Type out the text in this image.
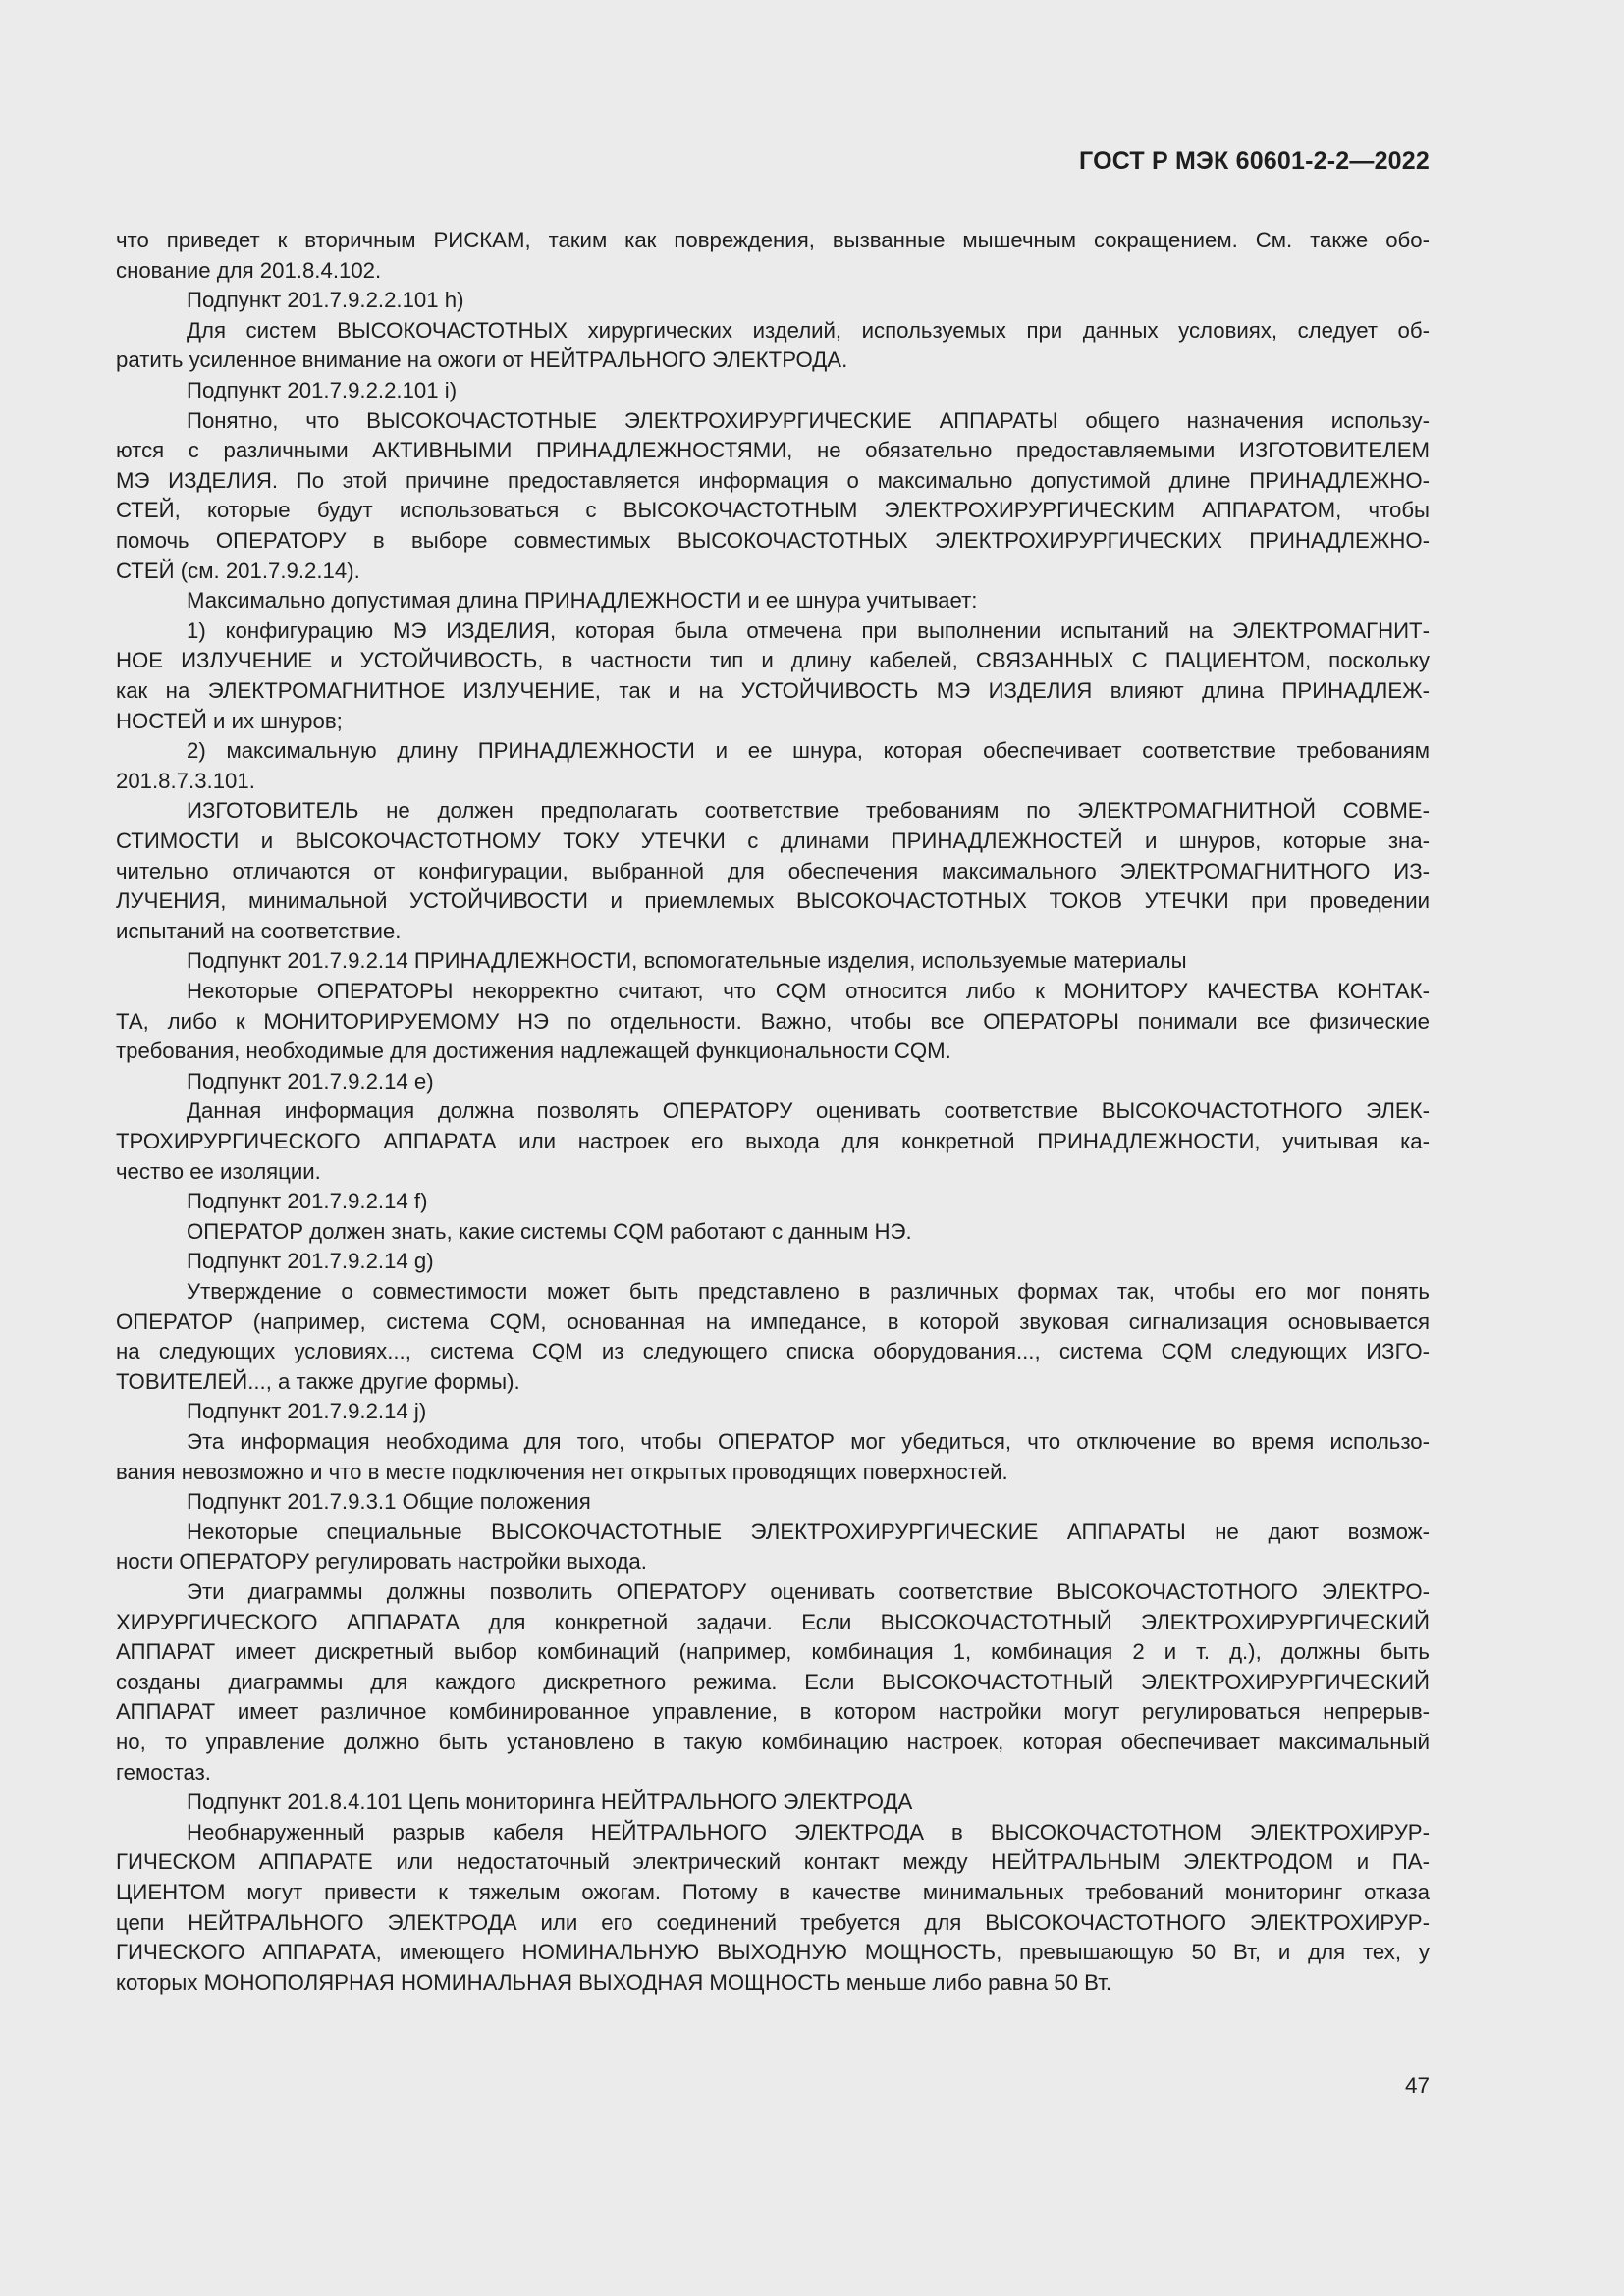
ГОСТ Р МЭК 60601-2-2—2022
что приведет к вторичным РИСКАМ, таким как повреждения, вызванные мышечным сокращением. См. также обо-
снование для 201.8.4.102.
Подпункт 201.7.9.2.2.101 h)
Для систем ВЫСОКОЧАСТОТНЫХ хирургических изделий, используемых при данных условиях, следует об-
ратить усиленное внимание на ожоги от НЕЙТРАЛЬНОГО ЭЛЕКТРОДА.
Подпункт 201.7.9.2.2.101 i)
Понятно, что ВЫСОКОЧАСТОТНЫЕ ЭЛЕКТРОХИРУРГИЧЕСКИЕ АППАРАТЫ общего назначения использу-
ются с различными АКТИВНЫМИ ПРИНАДЛЕЖНОСТЯМИ, не обязательно предоставляемыми ИЗГОТОВИТЕЛЕМ
МЭ ИЗДЕЛИЯ. По этой причине предоставляется информация о максимально допустимой длине ПРИНАДЛЕЖНО-
СТЕЙ, которые будут использоваться с ВЫСОКОЧАСТОТНЫМ ЭЛЕКТРОХИРУРГИЧЕСКИМ АППАРАТОМ, чтобы
помочь ОПЕРАТОРУ в выборе совместимых ВЫСОКОЧАСТОТНЫХ ЭЛЕКТРОХИРУРГИЧЕСКИХ ПРИНАДЛЕЖНО-
СТЕЙ (см. 201.7.9.2.14).
Максимально допустимая длина ПРИНАДЛЕЖНОСТИ и ее шнура учитывает:
1) конфигурацию МЭ ИЗДЕЛИЯ, которая была отмечена при выполнении испытаний на ЭЛЕКТРОМАГНИТ-
НОЕ ИЗЛУЧЕНИЕ и УСТОЙЧИВОСТЬ, в частности тип и длину кабелей, СВЯЗАННЫХ С ПАЦИЕНТОМ, поскольку
как на ЭЛЕКТРОМАГНИТНОЕ ИЗЛУЧЕНИЕ, так и на УСТОЙЧИВОСТЬ МЭ ИЗДЕЛИЯ влияют длина ПРИНАДЛЕЖ-
НОСТЕЙ и их шнуров;
2) максимальную длину ПРИНАДЛЕЖНОСТИ и ее шнура, которая обеспечивает соответствие требованиям
201.8.7.3.101.
ИЗГОТОВИТЕЛЬ не должен предполагать соответствие требованиям по ЭЛЕКТРОМАГНИТНОЙ СОВМЕ-
СТИМОСТИ и ВЫСОКОЧАСТОТНОМУ ТОКУ УТЕЧКИ с длинами ПРИНАДЛЕЖНОСТЕЙ и шнуров, которые зна-
чительно отличаются от конфигурации, выбранной для обеспечения максимального ЭЛЕКТРОМАГНИТНОГО ИЗ-
ЛУЧЕНИЯ, минимальной УСТОЙЧИВОСТИ и приемлемых ВЫСОКОЧАСТОТНЫХ ТОКОВ УТЕЧКИ при проведении
испытаний на соответствие.
Подпункт 201.7.9.2.14 ПРИНАДЛЕЖНОСТИ, вспомогательные изделия, используемые материалы
Некоторые ОПЕРАТОРЫ некорректно считают, что CQM относится либо к МОНИТОРУ КАЧЕСТВА КОНТАК-
ТА, либо к МОНИТОРИРУЕМОМУ НЭ по отдельности. Важно, чтобы все ОПЕРАТОРЫ понимали все физические
требования, необходимые для достижения надлежащей функциональности CQM.
Подпункт 201.7.9.2.14 е)
Данная информация должна позволять ОПЕРАТОРУ оценивать соответствие ВЫСОКОЧАСТОТНОГО ЭЛЕК-
ТРОХИРУРГИЧЕСКОГО АППАРАТА или настроек его выхода для конкретной ПРИНАДЛЕЖНОСТИ, учитывая ка-
чество ее изоляции.
Подпункт 201.7.9.2.14 f)
ОПЕРАТОР должен знать, какие системы CQM работают с данным НЭ.
Подпункт 201.7.9.2.14 g)
Утверждение о совместимости может быть представлено в различных формах так, чтобы его мог понять
ОПЕРАТОР (например, система CQM, основанная на импедансе, в которой звуковая сигнализация основывается
на следующих условиях..., система CQM из следующего списка оборудования..., система CQM следующих ИЗГО-
ТОВИТЕЛЕЙ..., а также другие формы).
Подпункт 201.7.9.2.14 j)
Эта информация необходима для того, чтобы ОПЕРАТОР мог убедиться, что отключение во время использо-
вания невозможно и что в месте подключения нет открытых проводящих поверхностей.
Подпункт 201.7.9.3.1 Общие положения
Некоторые специальные ВЫСОКОЧАСТОТНЫЕ ЭЛЕКТРОХИРУРГИЧЕСКИЕ АППАРАТЫ не дают возмож-
ности ОПЕРАТОРУ регулировать настройки выхода.
Эти диаграммы должны позволить ОПЕРАТОРУ оценивать соответствие ВЫСОКОЧАСТОТНОГО ЭЛЕКТРО-
ХИРУРГИЧЕСКОГО АППАРАТА для конкретной задачи. Если ВЫСОКОЧАСТОТНЫЙ ЭЛЕКТРОХИРУРГИЧЕСКИЙ
АППАРАТ имеет дискретный выбор комбинаций (например, комбинация 1, комбинация 2 и т. д.), должны быть
созданы диаграммы для каждого дискретного режима. Если ВЫСОКОЧАСТОТНЫЙ ЭЛЕКТРОХИРУРГИЧЕСКИЙ
АППАРАТ имеет различное комбинированное управление, в котором настройки могут регулироваться непрерыв-
но, то управление должно быть установлено в такую комбинацию настроек, которая обеспечивает максимальный
гемостаз.
Подпункт 201.8.4.101 Цепь мониторинга НЕЙТРАЛЬНОГО ЭЛЕКТРОДА
Необнаруженный разрыв кабеля НЕЙТРАЛЬНОГО ЭЛЕКТРОДА в ВЫСОКОЧАСТОТНОМ ЭЛЕКТРОХИРУР-
ГИЧЕСКОМ АППАРАТЕ или недостаточный электрический контакт между НЕЙТРАЛЬНЫМ ЭЛЕКТРОДОМ и ПА-
ЦИЕНТОМ могут привести к тяжелым ожогам. Потому в качестве минимальных требований мониторинг отказа
цепи НЕЙТРАЛЬНОГО ЭЛЕКТРОДА или его соединений требуется для ВЫСОКОЧАСТОТНОГО ЭЛЕКТРОХИРУР-
ГИЧЕСКОГО АППАРАТА, имеющего НОМИНАЛЬНУЮ ВЫХОДНУЮ МОЩНОСТЬ, превышающую 50 Вт, и для тех, у
которых МОНОПОЛЯРНАЯ НОМИНАЛЬНАЯ ВЫХОДНАЯ МОЩНОСТЬ меньше либо равна 50 Вт.
47
